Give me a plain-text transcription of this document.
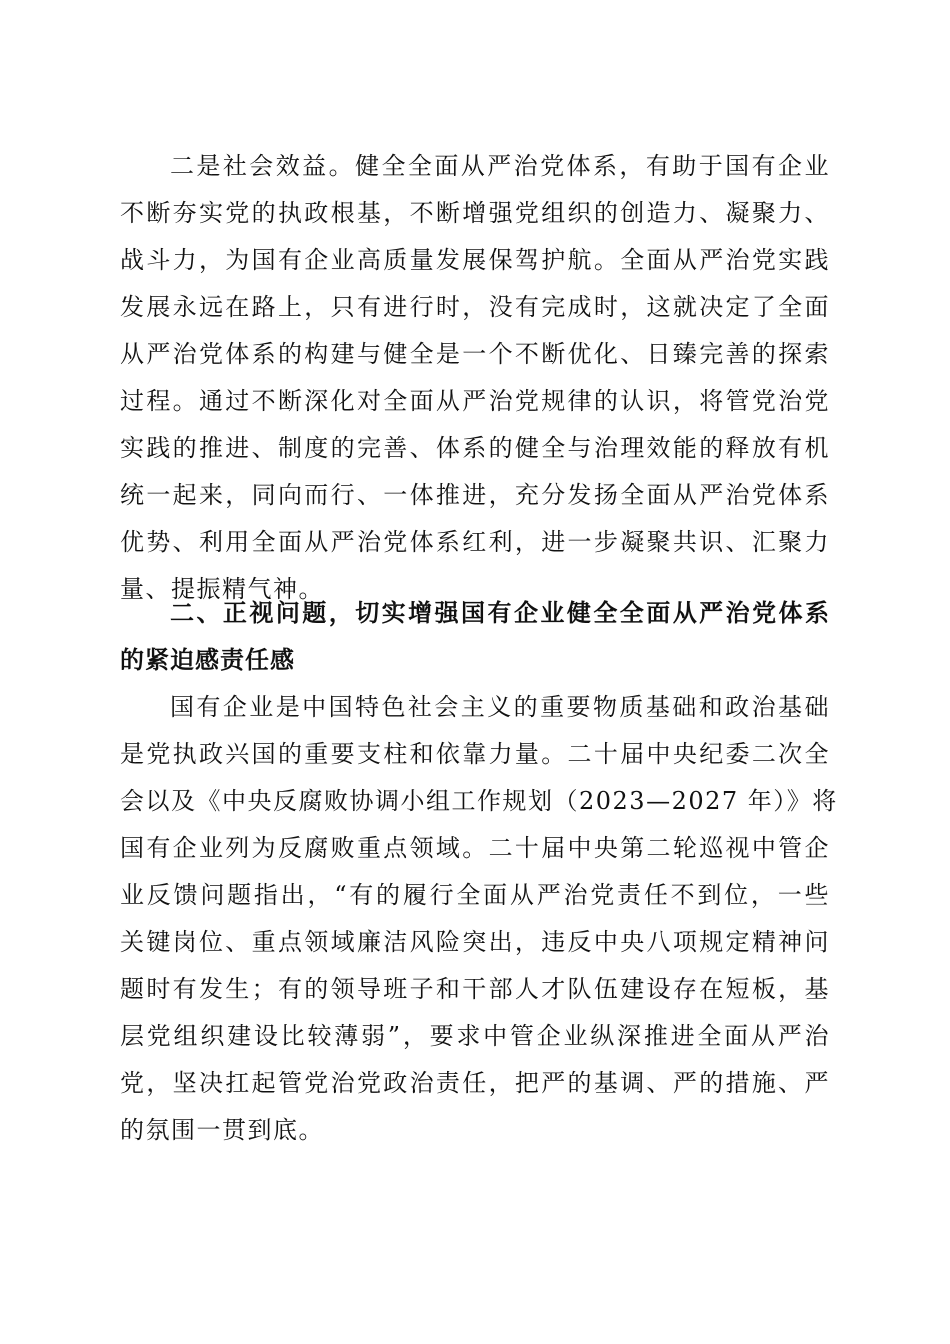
二是社会效益。健全全面从严治党体系，有助于国有企业
不断夯实党的执政根基，不断增强党组织的创造力、凝聚力、
战斗力，为国有企业高质量发展保驾护航。全面从严治党实践
发展永远在路上，只有进行时，没有完成时，这就决定了全面
从严治党体系的构建与健全是一个不断优化、日臻完善的探索
过程。通过不断深化对全面从严治党规律的认识，将管党治党
实践的推进、制度的完善、体系的健全与治理效能的释放有机
统一起来，同向而行、一体推进，充分发扬全面从严治党体系
优势、利用全面从严治党体系红利，进一步凝聚共识、汇聚力
量、提振精气神。
二、正视问题，切实增强国有企业健全全面从严治党体系
的紧迫感责任感
国有企业是中国特色社会主义的重要物质基础和政治基础
是党执政兴国的重要支柱和依靠力量。二十届中央纪委二次全
会以及《中央反腐败协调小组工作规划（2023—2027 年）》将
国有企业列为反腐败重点领域。二十届中央第二轮巡视中管企
业反馈问题指出，“有的履行全面从严治党责任不到位，一些
关键岗位、重点领域廉洁风险突出，违反中央八项规定精神问
题时有发生；有的领导班子和干部人才队伍建设存在短板，基
层党组织建设比较薄弱”，要求中管企业纵深推进全面从严治
党，坚决扛起管党治党政治责任，把严的基调、严的措施、严
的氛围一贯到底。
